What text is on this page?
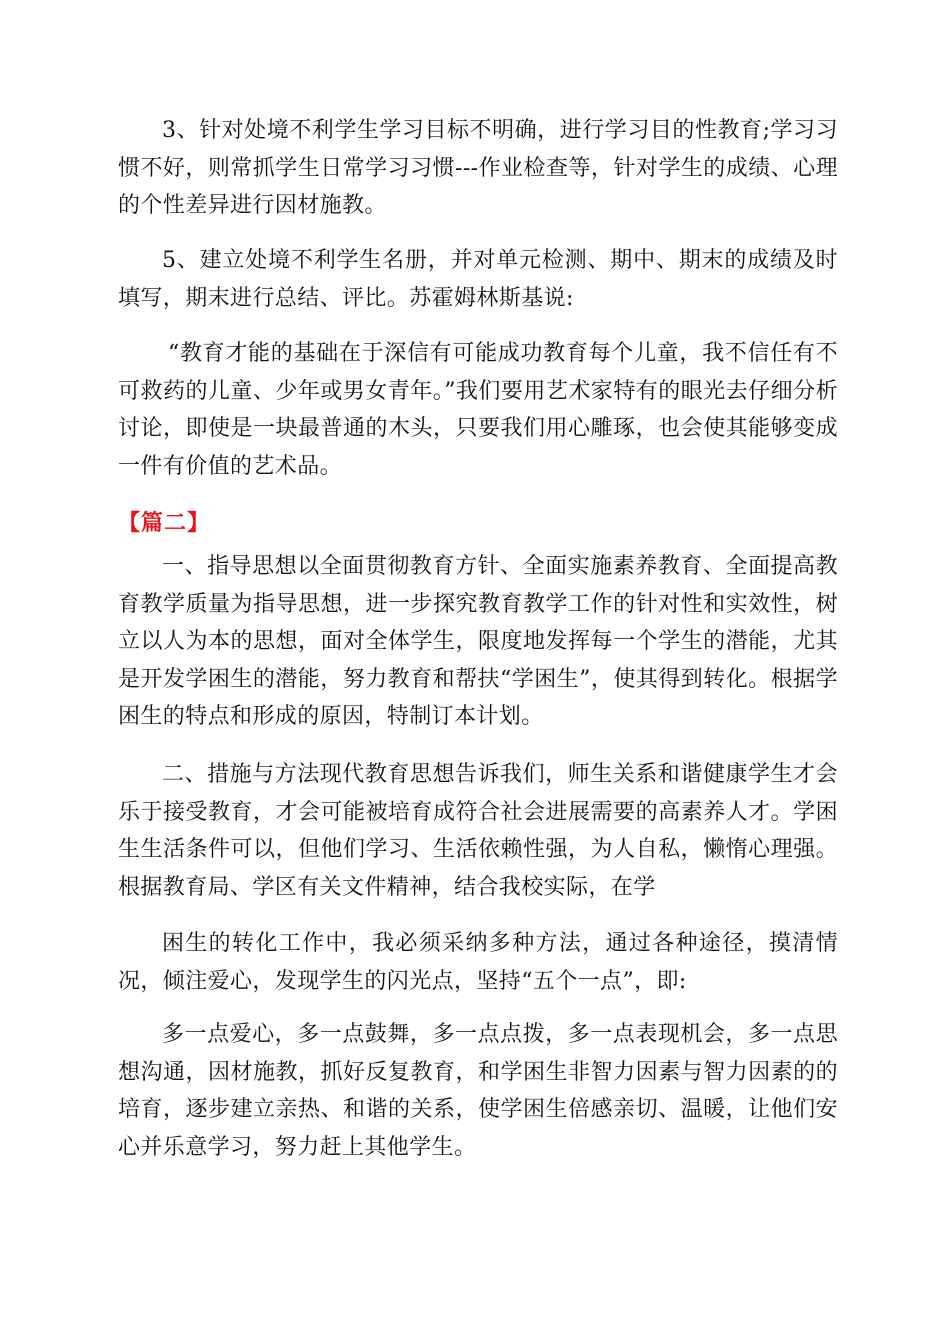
3、针对处境不利学生学习目标不明确，进行学习目的性教育;学习习惯不好，则常抓学生日常学习习惯---作业检查等，针对学生的成绩、心理的个性差异进行因材施教。

5、建立处境不利学生名册，并对单元检测、期中、期末的成绩及时填写，期末进行总结、评比。苏霍姆林斯基说:

“教育才能的基础在于深信有可能成功教育每个儿童，我不信任有不可救药的儿童、少年或男女青年。”我们要用艺术家特有的眼光去仔细分析讨论，即使是一块最普通的木头，只要我们用心雕琢，也会使其能够变成一件有价值的艺术品。

【篇二】

一、指导思想以全面贯彻教育方针、全面实施素养教育、全面提高教育教学质量为指导思想，进一步探究教育教学工作的针对性和实效性，树立以人为本的思想，面对全体学生，限度地发挥每一个学生的潜能，尤其是开发学困生的潜能，努力教育和帮扶“学困生”，使其得到转化。根据学困生的特点和形成的原因，特制订本计划。

二、措施与方法现代教育思想告诉我们，师生关系和谐健康学生才会乐于接受教育，才会可能被培育成符合社会进展需要的高素养人才。学困生生活条件可以，但他们学习、生活依赖性强，为人自私，懒惰心理强。根据教育局、学区有关文件精神，结合我校实际，在学

困生的转化工作中，我必须采纳多种方法，通过各种途径，摸清情况，倾注爱心，发现学生的闪光点，坚持“五个一点”，即:

多一点爱心，多一点鼓舞，多一点点拨，多一点表现机会，多一点思想沟通，因材施教，抓好反复教育，和学困生非智力因素与智力因素的的培育，逐步建立亲热、和谐的关系，使学困生倍感亲切、温暖，让他们安心并乐意学习，努力赶上其他学生。
